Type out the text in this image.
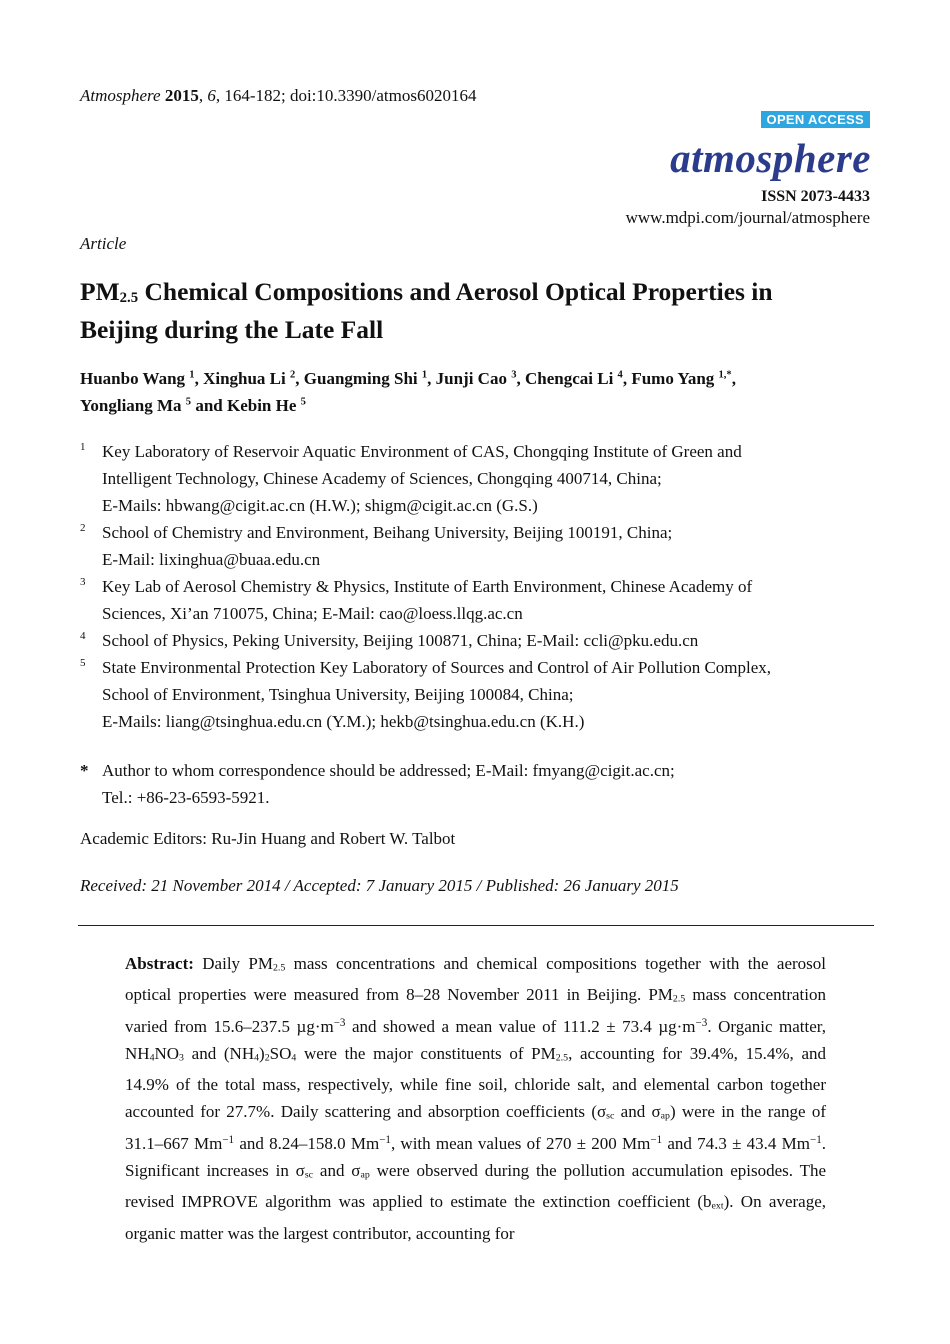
Atmosphere 2015, 6, 164-182; doi:10.3390/atmos6020164
OPEN ACCESS
atmosphere
ISSN 2073-4433
www.mdpi.com/journal/atmosphere
Article
$PM_{2.5}$ Chemical Compositions and Aerosol Optical Properties in
Beijing during the Late Fall
Huanbo Wang $^1$, Xinghua Li $^2$, Guangming Shi $^1$, Junji Cao $^3$, Chengcai Li $^4$, Fumo Yang $^{1,*}$,
Yongliang Ma $^5$ and Kebin He $^5$
1 Key Laboratory of Reservoir Aquatic Environment of CAS, Chongqing Institute of Green and
Intelligent Technology, Chinese Academy of Sciences, Chongqing 400714, China;
E-Mails: hbwang@cigit.ac.cn (H.W.); shigm@cigit.ac.cn (G.S.)
2 School of Chemistry and Environment, Beihang University, Beijing 100191, China;
E-Mail: lixinghua@buaa.edu.cn
3 Key Lab of Aerosol Chemistry & Physics, Institute of Earth Environment, Chinese Academy of
Sciences, Xi’an 710075, China; E-Mail: cao@loess.llqg.ac.cn
4 School of Physics, Peking University, Beijing 100871, China; E-Mail: ccli@pku.edu.cn
5 State Environmental Protection Key Laboratory of Sources and Control of Air Pollution Complex,
School of Environment, Tsinghua University, Beijing 100084, China;
E-Mails: liang@tsinghua.edu.cn (Y.M.); hekb@tsinghua.edu.cn (K.H.)
* Author to whom correspondence should be addressed; E-Mail: fmyang@cigit.ac.cn;
Tel.: +86-23-6593-5921.
Academic Editors: Ru-Jin Huang and Robert W. Talbot
Received: 21 November 2014 / Accepted: 7 January 2015 / Published: 26 January 2015
Abstract: Daily $PM_{2.5}$ mass concentrations and chemical compositions together with the aerosol optical properties were measured from 8–28 November 2011 in Beijing. $PM_{2.5}$ mass concentration varied from 15.6–237.5 $\mu g\cdot m^{-3}$ and showed a mean value of 111.2 ± 73.4 $\mu g\cdot m^{-3}$. Organic matter, $NH_4NO_3$ and $(NH_4)_2SO_4$ were the major constituents of $PM_{2.5}$, accounting for 39.4%, 15.4%, and 14.9% of the total mass, respectively, while fine soil, chloride salt, and elemental carbon together accounted for 27.7%. Daily scattering and absorption coefficients ($\sigma_{sc}$ and $\sigma_{ap}$) were in the range of 31.1–667 $Mm^{-1}$ and 8.24–158.0 $Mm^{-1}$, with mean values of 270 ± 200 $Mm^{-1}$ and 74.3 ± 43.4 $Mm^{-1}$. Significant increases in $\sigma_{sc}$ and $\sigma_{ap}$ were observed during the pollution accumulation episodes. The revised IMPROVE algorithm was applied to estimate the extinction coefficient $(b_{ext})$. On average, organic matter was the largest contributor, accounting for
